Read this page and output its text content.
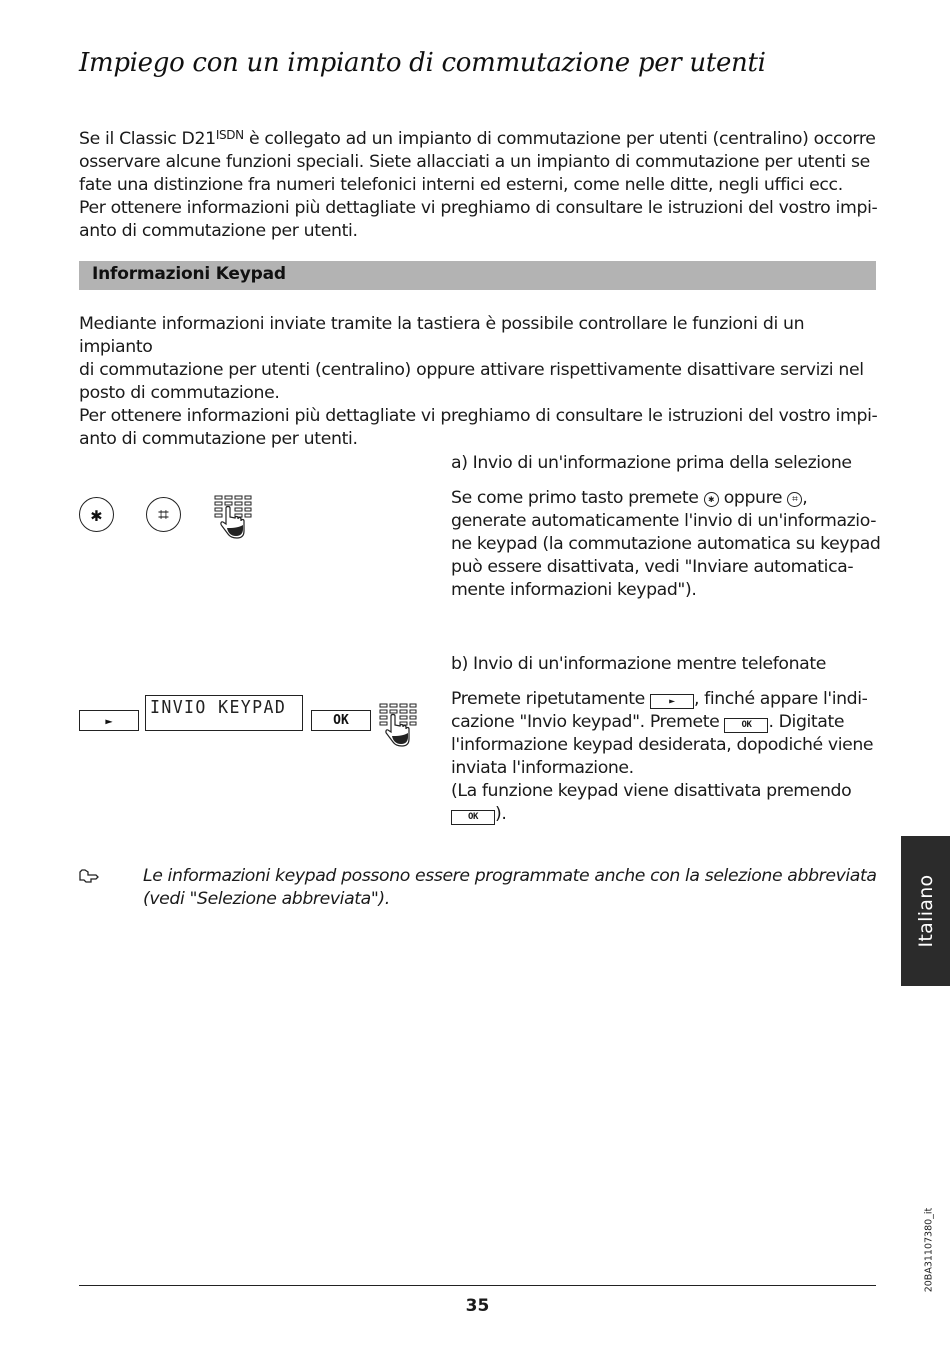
Impiego con un impianto di commutazione per utenti

Se il Classic $D21^{ISDN}$ è collegato ad un impianto di commutazione per utenti (centralino) occorre

osservare alcune funzioni speciali. Siete allacciati a un impianto di commutazione per utenti se

fate una distinzione fra numeri telefonici interni ed esterni, come nelle ditte, negli uffici ecc.

Per ottenere informazioni più dettagliate vi preghiamo di consultare le istruzioni del vostro impi-

anto di commutazione per utenti.

Informazioni Keypad

Mediante informazioni inviate tramite la tastiera è possibile controllare le funzioni di un impianto

di commutazione per utenti (centralino) oppure attivare rispettivamente disattivare servizi nel

posto di commutazione.

Per ottenere informazioni più dettagliate vi preghiamo di consultare le istruzioni del vostro impi-

anto di commutazione per utenti.

✱	⌗

a) Invio di un'informazione prima della selezione

Se come primo tasto premete ✱ oppure ⌗ ,

generate automaticamente l'invio di un'informazio-

ne keypad (la commutazione automatica su keypad

può essere disattivata, vedi "Inviare automatica-

mente informazioni keypad").

►
INVIO KEYPAD
OK

b) Invio di un'informazione mentre telefonate

Premete ripetutamente ► , finché appare l'indi-

cazione "Invio keypad". Premete OK . Digitate

l'informazione keypad desiderata, dopodiché viene

inviata l'informazione.

(La funzione keypad viene disattivata premendo

OK ).

Le informazioni keypad possono essere programmate anche con la selezione abbreviata

(vedi "Selezione abbreviata").	Italiano
20BA31107380_it
35
